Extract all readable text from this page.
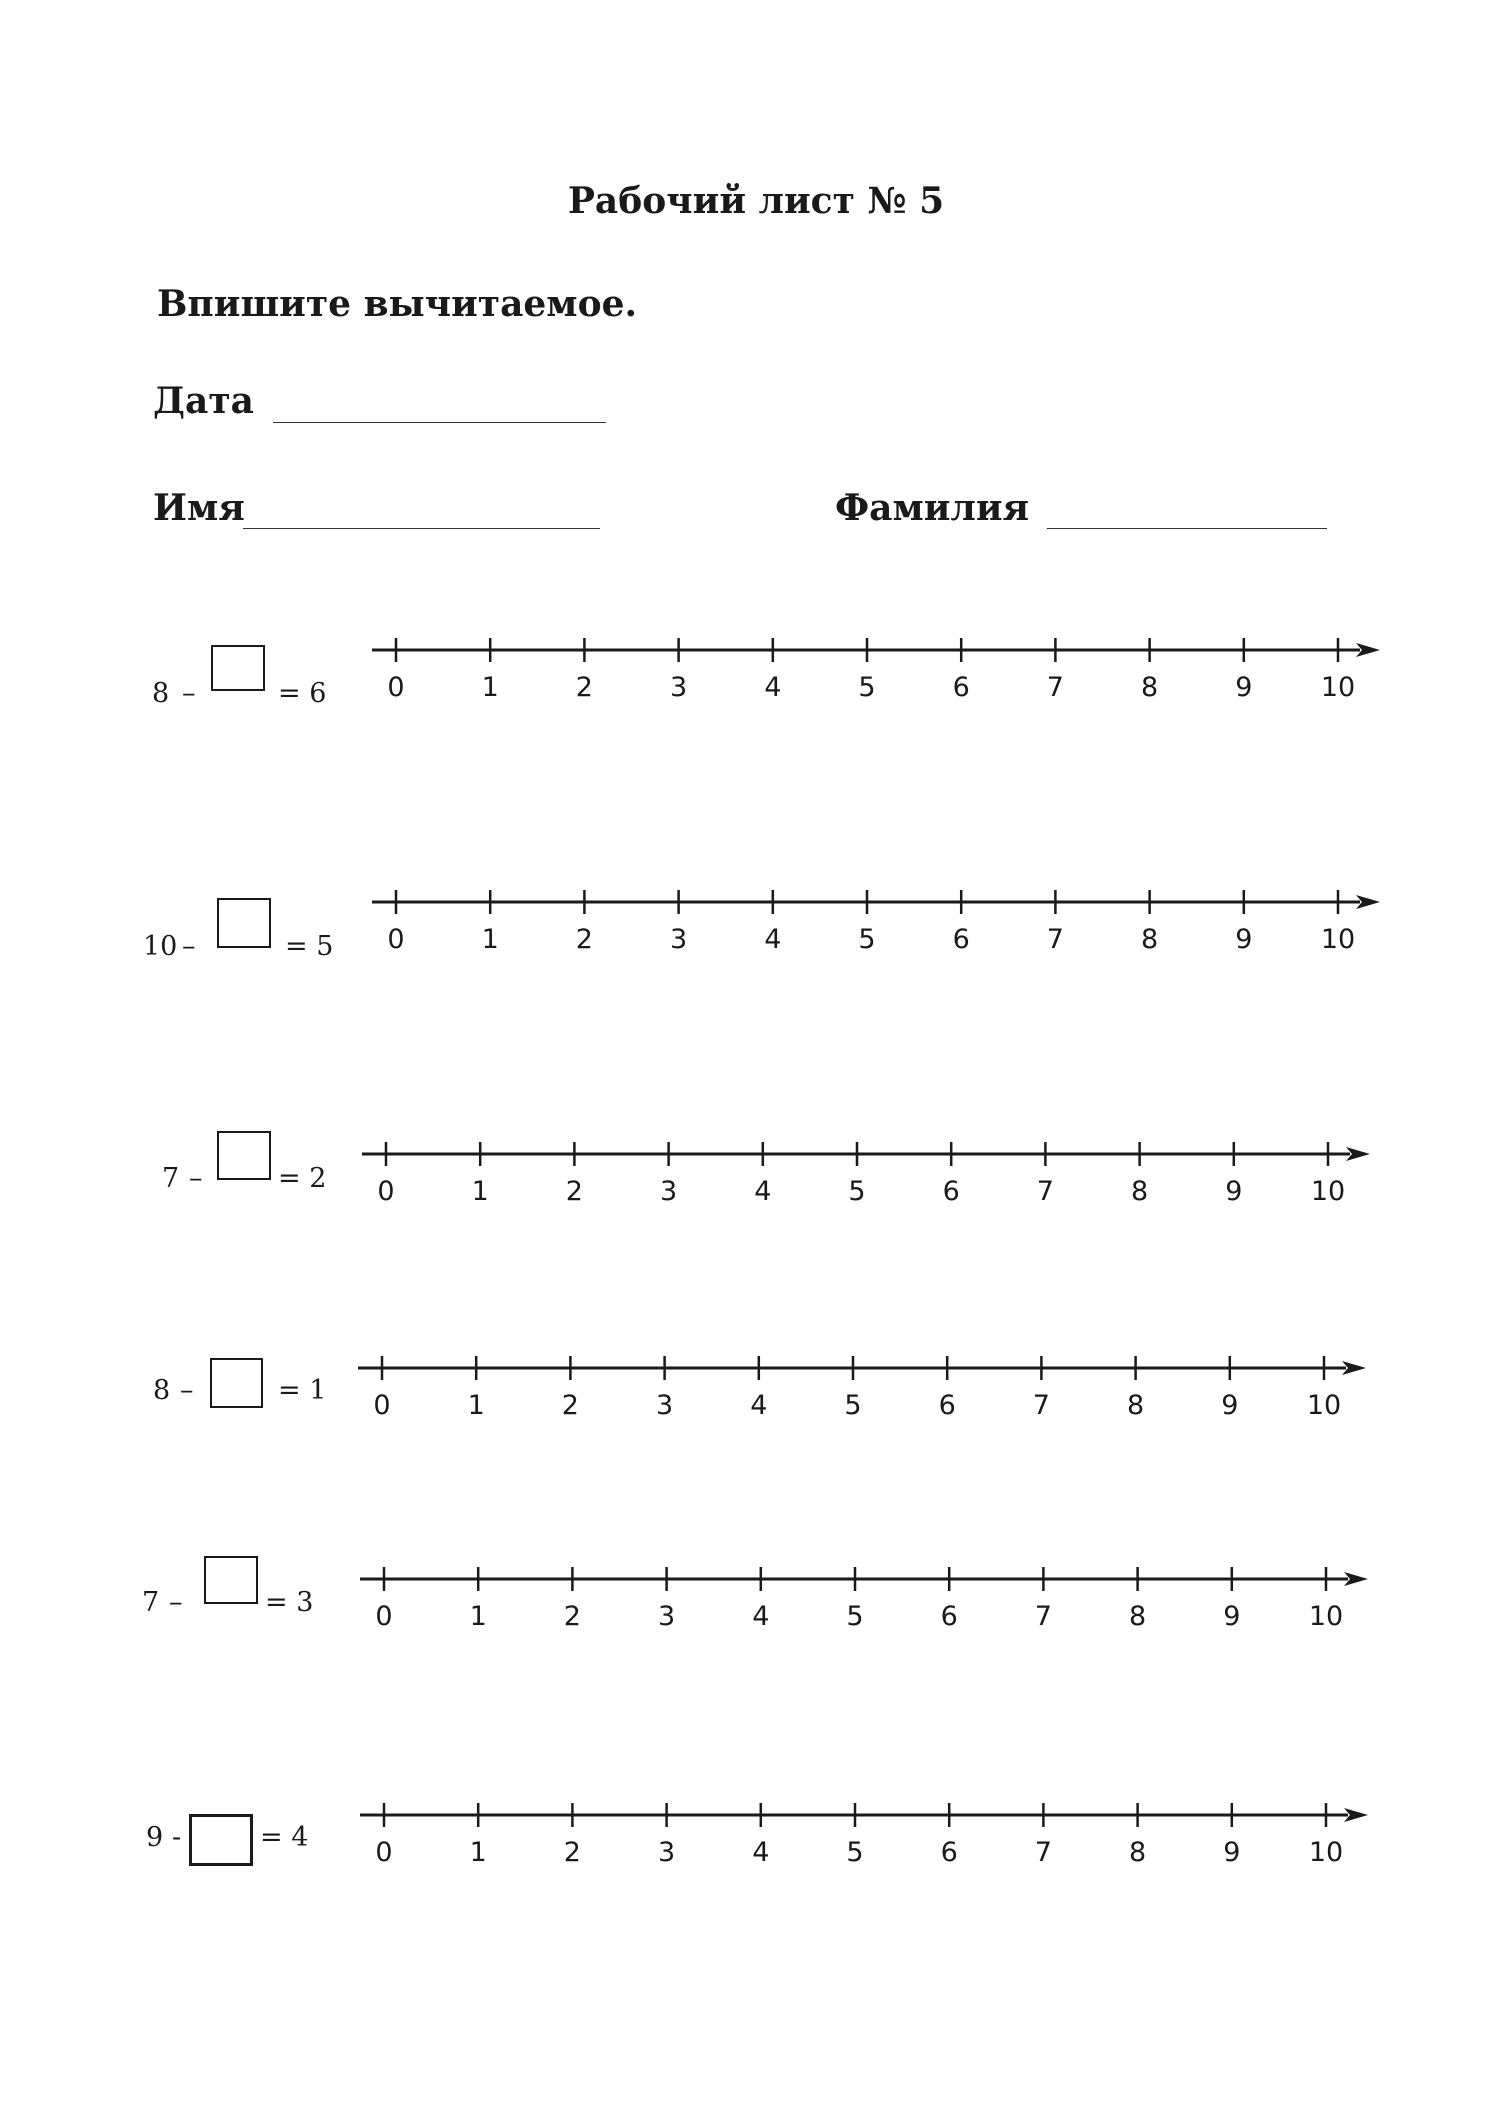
Рабочий лист № 5
Впишите вычитаемое.
Дата
Имя	Фамилия
8 –	= 6 0	1	2	3	4	5	6	7	8	9	10
10 –	= 5 0	1	2	3	4	5	6	7	8	9	10
7 –	= 2 0	1	2	3	4	5	6	7	8	9	10
8 –	= 1 0	1	2	3	4	5	6	7	8	9	10
7 –	= 3 0	1	2	3	4	5	6	7	8	9	10
9 -	= 4 0	1	2	3	4	5	6	7	8	9	10
